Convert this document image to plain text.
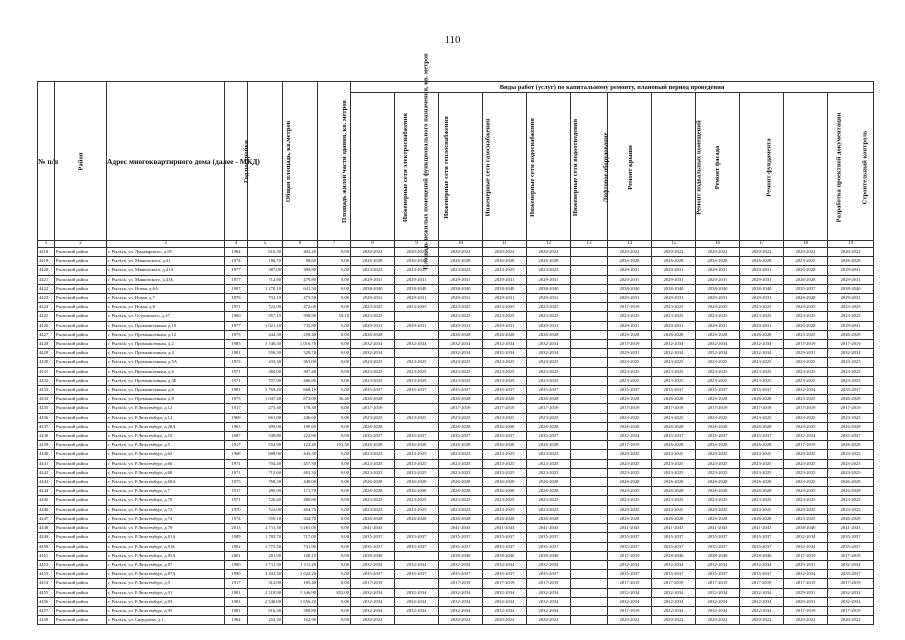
110
№ п/п	Район	Адрес многоквартирного дома (далее - МКД)	Год постройки	Общая площадь, кв.метров	Площадь жилой части здания, кв. метров	Площадь нежилых помещений функционального назначения, кв. метров	Виды работ (услуг) по капитальному ремонту, плановый период проведения											
							Инженерные сети электроснабжения	Инженерные сети теплоснабжения	Инженерные сети газоснабжения	Инженерные сети водоснабжения	Инженерные сети водоотведения	Лифтовое оборудование	Ремонт крыши	Ремонт подвальных помещений	Ремонт фасада	Ремонт фундамента	Разработка проектной документации	Строительный контроль
1	2	3	4	5	6	7	8	9	10	11	12	13	14	15	16	17	18	19
4418	Рыльский район	г. Рыльск, ул. Луначарского, д.85	1964	610,30	402,20	0,00	2020-2022	2020-2022	2020-2022	2020-2022	2020-2022		2020-2022	2020-2022	2020-2022	2020-2022	2020-2022	2020-2022
4419	Рыльский район	г. Рыльск, ул. Маяковского, д.41	1974	186,70	98,60	0,00	2026-2028	2026-2028	2026-2028	2026-2028	2026-2028		2026-2028	2026-2028	2026-2028	2026-2028	2023-2025	2026-2028
4420	Рыльский район	г. Рыльск, ул. Маяковского, д.41А	1977	387,00	389,80	0,00	2023-2025	2023-2025	2023-2025	2023-2025	2023-2025		2029-2031	2029-2031	2029-2031	2029-2031	2026-2028	2029-2031
4421	Рыльский район	г. Рыльск, ул. Маяковского, д.41Б	1977	712,80	479,80	0,00	2029-2031	2029-2031	2029-2031	2029-2031	2029-2031		2029-2031	2029-2031	2029-2031	2029-2031	2026-2028	2029-2031
4422	Рыльский район	г. Рыльск, ул. Новая, д.6А	1997	1 270,10	641,50	0,00	2038-2040	2038-2040	2038-2040	2038-2040	2038-2040		2038-2040	2038-2040	2038-2040	2038-2040	2035-2037	2038-2040
4423	Рыльский район	г. Рыльск, ул. Новая, д.7	1976	732,10	475,50	0,00	2029-2031	2029-2031	2029-2031	2029-2031	2029-2031		2029-2031	2029-2031	2029-2031	2029-2031	2026-2028	2029-2031
4424	Рыльский район	г. Рыльск, ул. Новая, д.8	1971	722,90	472,00	0,00	2023-2025	2023-2025	2023-2025	2023-2025	2023-2025		2017-2019	2023-2025	2023-2025	2023-2025	2023-2025	2023-2025
4425	Рыльский район	г. Рыльск, ул. Островского, д.37	1960	957,10	598,90	59,10	2023-2025		2023-2025	2023-2025	2023-2025		2023-2025	2023-2025	2023-2025	2023-2025	2023-2025	2023-2025
4426	Рыльский район	г. Рыльск, ул. Промышленная, д.10	1977	1 021,10	735,80	0,00	2029-2031	2029-2031	2029-2031	2029-2031	2029-2031		2029-2031	2029-2031	2029-2031	2029-2031	2026-2028	2029-2031
4427	Рыльский район	г. Рыльск, ул. Промышленная, д.12	1975	444,30	258,40	0,00	2026-2028		2026-2028	2026-2028	2026-2028		2026-2028	2026-2028	2026-2028	2026-2028	2023-2025	2026-2028
4428	Рыльский район	г. Рыльск, ул. Промышленная, д.2	1985	1 746,50	1 016,70	0,00	2032-2034	2032-2034	2032-2034	2032-2034	2032-2034		2017-2019	2032-2034	2032-2034	2032-2034	2017-2019	2017-2019
4429	Рыльский район	г. Рыльск, ул. Промышленная, д.4	1981	556,30	328,70	0,00	2032-2034		2032-2034	2032-2034	2032-2034		2029-2031	2032-2034	2032-2034	2032-2034	2029-2031	2032-2034
4430	Рыльский район	г. Рыльск, ул. Промышленная, д.5А	1972	433,30	363,00	0,00	2023-2025	2023-2025	2023-2025	2023-2025	2023-2025		2023-2025	2023-2025	2023-2025	2023-2025	2023-2025	2023-2025
4431	Рыльский район	г. Рыльск, ул. Промышленная, д.6	1971	360,00	307,40	0,00	2023-2025	2023-2025	2023-2025	2023-2025	2023-2025		2023-2025	2023-2025	2023-2025	2023-2025	2023-2025	2023-2025
4432	Рыльский район	г. Рыльск, ул. Промышленная, д.5Б	1971	707,90	486,80	0,00	2023-2025	2023-2025	2023-2025	2023-2025	2023-2025		2023-2025	2023-2025	2023-2025	2023-2025	2023-2025	2023-2025
4433	Рыльский район	г. Рыльск, ул. Промышленная, д.6	1981	1 769,20	668,10	0,00	2035-2037	2035-2037	2035-2037	2035-2037	2035-2037		2035-2037	2035-2037	2035-2037	2035-2037	2032-2034	2035-2037
4434	Рыльский район	г. Рыльск, ул. Промышленная, д.8	1975	1 047,40	673,00	36,40	2026-2028		2026-2028	2026-2028	2026-2028		2026-2028	2026-2028	2026-2028	2026-2028	2023-2025	2026-2028
4435	Рыльский район	г. Рыльск, ул. Р.Люксембург, д.12	1917	275,40	178,30	0,00	2017-2019		2017-2019	2017-2019	2017-2019		2017-2019	2017-2019	2017-2019	2017-2019	2017-2019	2017-2019
4436	Рыльский район	г. Рыльск, ул. Р.Люксембург, д.14	1969	661,00	446,60	0,00	2023-2025	2023-2025	2023-2025	2023-2025	2023-2025		2023-2025	2023-2025	2023-2025	2023-2025	2023-2025	2023-2025
4437	Рыльский район	г. Рыльск, ул. Р.Люксембург, д.28А	1963	209,00	180,60	0,00	2026-2028		2026-2028	2026-2028	2026-2028		2026-2028	2026-2028	2026-2028	2026-2028	2023-2025	2026-2028
4438	Рыльский район	г. Рыльск, ул. Р.Люксембург, д.55	1987	549,80	224,80	0,00	2035-2037	2035-2037	2035-2037	2035-2037	2035-2037		2032-2034	2035-2037	2035-2037	2035-2037	2032-2034	2035-2037
4439	Рыльский район	г. Рыльск, ул. Р.Люксембург, д.5	1917	554,90	122,40	101,30	2026-2028	2026-2028	2026-2028	2026-2028	2026-2028		2017-2019	2026-2028	2026-2028	2026-2028	2017-2019	2026-2028
4440	Рыльский район	г. Рыльск, ул. Р.Люксембург, д.62	1968	688,00	445,30	0,00	2023-2025	2023-2025	2023-2025	2023-2025	2023-2025		2023-2025	2023-2025	2023-2025	2023-2025	2023-2025	2023-2025
4441	Рыльский район	г. Рыльск, ул. Р.Люксембург, д.66	1971	704,40	457,30	0,00	2023-2025	2023-2025	2023-2025	2023-2025	2023-2025		2023-2025	2023-2025	2023-2025	2023-2025	2023-2025	2023-2025
4442	Рыльский район	г. Рыльск, ул. Р.Люксембург, д.68	1971	715,60	463,30	0,00	2023-2025	2023-2025	2023-2025	2023-2025	2023-2025		2023-2025	2023-2025	2023-2025	2023-2025	2023-2025	2023-2025
4443	Рыльский район	г. Рыльск, ул. Р.Люксембург, д.68А	1975	768,30	448,00	0,00	2026-2028	2026-2028	2026-2028	2026-2028	2026-2028		2026-2028	2026-2028	2026-2028	2026-2028	2023-2025	2026-2028
4444	Рыльский район	г. Рыльск, ул. Р.Люксембург, д.7	1917	280,90	171,70	0,00	2026-2028	2026-2028	2026-2028	2026-2028	2026-2028		2023-2025	2026-2028	2026-2028	2026-2028	2023-2025	2026-2028
4445	Рыльский район	г. Рыльск, ул. Р.Люксембург, д.70	1971	726,40	480,80	0,00	2023-2025	2023-2025	2023-2025	2023-2025	2023-2025		2023-2025	2023-2025	2023-2025	2023-2025	2023-2025	2023-2025
4446	Рыльский район	г. Рыльск, ул. Р.Люксембург, д.72	1970	722,00	464,70	0,00	2023-2025	2023-2025	2023-2025	2023-2025	2023-2025		2023-2025	2023-2025	2023-2025	2023-2025	2023-2025	2023-2025
4447	Рыльский район	г. Рыльск, ул. Р.Люксембург, д.74	1974	559,10	344,70	0,00	2026-2028	2026-2028	2026-2028	2026-2028	2026-2028		2026-2028	2026-2028	2026-2028	2026-2028	2023-2025	2026-2028
4448	Рыльский район	г. Рыльск, ул. Р.Люксембург, д.78	2013	2 711,30	1 265,00	0,00	2041-2043		2041-2043	2041-2043	2041-2043		2041-2043	2041-2043	2041-2043	2041-2043	2038-2040	2041-2043
4449	Рыльский район	г. Рыльск, ул. Р.Люксембург, д.81А	1989	1 785,70	717,00	0,00	2035-2037	2035-2037	2035-2037	2035-2037	2035-2037		2035-2037	2035-2037	2035-2037	2035-2037	2032-2034	2035-2037
4450	Рыльский район	г. Рыльск, ул. Р.Люксембург, д.81Б	1992	1 775,50	741,90	0,00	2035-2037	2035-2037	2035-2037	2035-2037	2035-2037		2035-2037	2035-2037	2035-2037	2035-2037	2032-2034	2035-2037
4451	Рыльский район	г. Рыльск, ул. Р.Люксембург, д.85А	2001	281,00	168,10	0,00	2038-2040		2038-2040	2038-2040	2038-2040		2017-2019	2038-2040	2038-2040	2038-2040	2017-2019	2017-2019
4452	Рыльский район	г. Рыльск, ул. Р.Люксембург, д.87	1980	1 711,30	1 111,20	0,00	2032-2034	2032-2034	2032-2034	2032-2034	2032-2034		2032-2034	2032-2034	2032-2034	2032-2034	2029-2031	2032-2034
4453	Рыльский район	г. Рыльск, ул. Р.Люксембург, д.87А	1990	3 433,30	1 622,20	0,00	2035-2037	2035-2037	2035-2037	2035-2037	2035-2037		2035-2037	2035-2037	2035-2037	2035-2037	2032-2034	2035-2037
4454	Рыльский район	г. Рыльск, ул. Р.Люксембург, д.9	1917	312,00	185,40	0,00	2017-2019		2017-2019	2017-2019	2017-2019		2017-2019	2017-2019	2017-2019	2017-2019	2017-2019	2017-2019
4455	Рыльский район	г. Рыльск, ул. Р.Люксембург, д.91	1981	2 518,90	1 346,90	852,00	2032-2034	2032-2034	2032-2034	2032-2034	2032-2034		2032-2034	2032-2034	2032-2034	2032-2034	2029-2031	2032-2034
4456	Рыльский район	г. Рыльск, ул. Р.Люксембург, д.93	1981	2 546,00	1 656,20	0,00	2032-2034	2032-2034	2032-2034	2032-2034	2032-2034		2032-2034	2032-2034	2032-2034	2032-2034	2029-2031	2032-2034
4457	Рыльский район	г. Рыльск, ул. Р.Люксембург, д.95	1981	616,30	380,80	0,00	2032-2034	2032-2034	2032-2034	2032-2034	2032-2034		2017-2019	2032-2034	2032-2034	2032-2034	2017-2019	2017-2019
4458	Рыльский район	г. Рыльск, ул. Свердлова, д.1	1964	254,30	162,90	0,00	2020-2022		2020-2022	2020-2022	2020-2022		2020-2022	2020-2022	2020-2022	2020-2022	2020-2022	2020-2022
